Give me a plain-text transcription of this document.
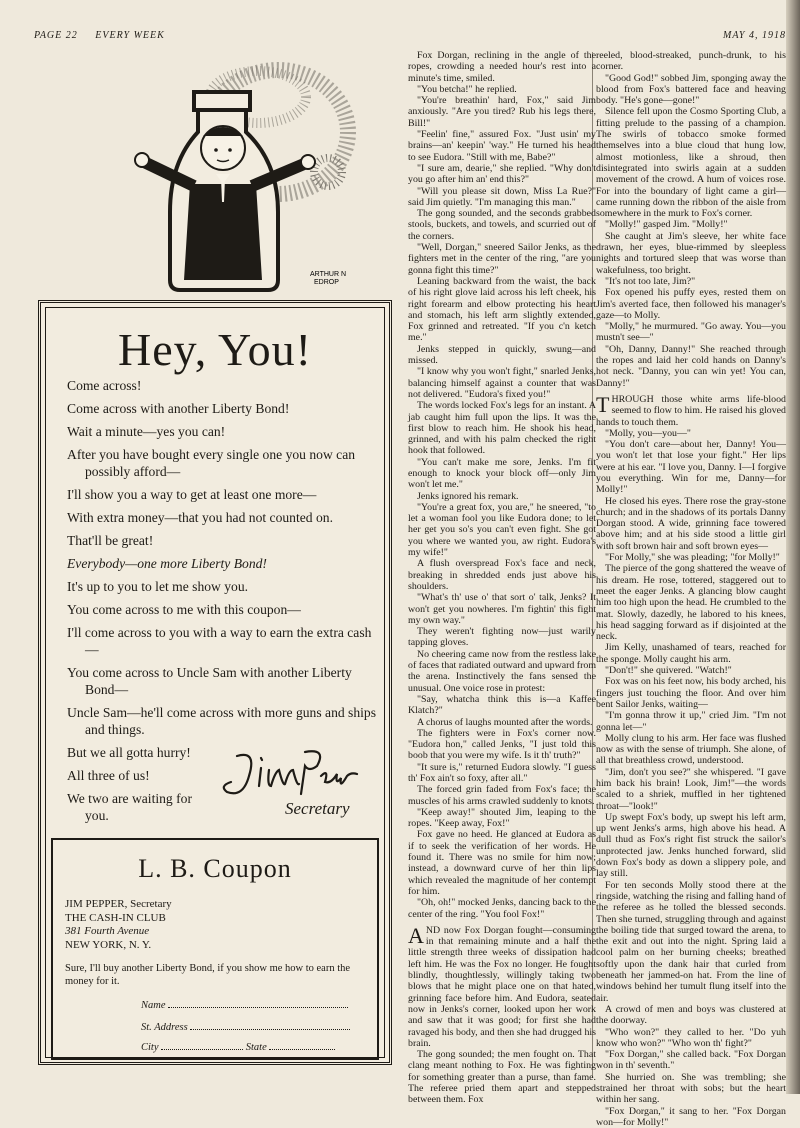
PAGE 22 EVERY WEEK	MAY 4, 1918
ARTHUR N
EDROP
Hey, You!
Come across!
Come across with another Liberty Bond!
Wait a minute—yes you can!
After you have bought every single one you now can possibly afford—
I'll show you a way to get at least one more—
With extra money—that you had not counted on.
That'll be great!
Everybody—one more Liberty Bond!
It's up to you to let me show you.
You come across to me with this coupon—
I'll come across to you with a way to earn the extra cash—
You come across to Uncle Sam with another Liberty Bond—
Uncle Sam—he'll come across with more guns and ships and things.
But we all gotta hurry!
All three of us!
We two are waiting for you.	Secretary
L. B. Coupon
JIM PEPPER, Secretary
THE CASH-IN CLUB
381 Fourth Avenue
NEW YORK, N. Y.
Sure, I'll buy another Liberty Bond, if you show me how to earn the money for it.
Name
St. Address
City	State

Fox Dorgan, reclining in the angle of the ropes, crowding a needed hour's rest into a minute's time, smiled.

"You betcha!" he replied.

"You're breathin' hard, Fox," said Jim anxiously. "Are you tired? Rub his legs there, Bill!"

"Feelin' fine," assured Fox. "Just usin' my brains—an' keepin' 'way." He turned his head to see Eudora. "Still with me, Babe?"

"I sure am, dearie," she replied. "Why don't you go after him an' end this?"

"Will you please sit down, Miss La Rue?" said Jim quietly. "I'm managing this man."

The gong sounded, and the seconds grabbed stools, buckets, and towels, and scurried out of the corners.

"Well, Dorgan," sneered Sailor Jenks, as the fighters met in the center of the ring, "are you gonna fight this time?"

Leaning backward from the waist, the back of his right glove laid across his left cheek, his right forearm and elbow protecting his heart and stomach, his left arm slightly extended, Fox grinned and retreated. "If you c'n ketch me."

Jenks stepped in quickly, swung—and missed.

"I know why you won't fight," snarled Jenks, balancing himself against a counter that was not delivered. "Eudora's fixed you!"

The words locked Fox's legs for an instant. A jab caught him full upon the lips. It was the first blow to reach him. He shook his head, grinned, and with his palm checked the right hook that followed.

"You can't make me sore, Jenks. I'm fit enough to knock your block off—only Jim won't let me."

Jenks ignored his remark.

"You're a great fox, you are," he sneered, "to let a woman fool you like Eudora done; to let her get you so's you can't even fight. She got you where we wanted you, aw right. Eudora's my wife!"

A flush overspread Fox's face and neck, breaking in shredded ends just above his shoulders.

"What's th' use o' that sort o' talk, Jenks? It won't get you nowheres. I'm fightin' this fight my own way."

They weren't fighting now—just warily tapping gloves.

No cheering came now from the restless lake of faces that radiated outward and upward from the arena. Instinctively the fans sensed the unusual. One voice rose in protest:

"Say, whatcha think this is—a Kaffee Klatch?"

A chorus of laughs mounted after the words.

The fighters were in Fox's corner now. "Eudora hon," called Jenks, "I just told this boob that you were my wife. Is it th' truth?"

"It sure is," returned Eudora slowly. "I guess th' Fox ain't so foxy, after all."

The forced grin faded from Fox's face; the muscles of his arms crawled suddenly to knots.

"Keep away!" shouted Jim, leaping to the ropes. "Keep away, Fox!"

Fox gave no heed. He glanced at Eudora as if to seek the verification of her words. He found it. There was no smile for him now; instead, a downward curve of her thin lips which revealed the magnitude of her contempt for him.

"Oh, oh!" mocked Jenks, dancing back to the center of the ring. "You fool Fox!"

A ND now Fox Dorgan fought—consuming in that remaining minute and a half the little strength three weeks of dissipation had left him. He was the Fox no longer. He fought blindly, thoughtlessly, willingly taking two blows that he might place one on that hated, grinning face before him. And Eudora, seated now in Jenks's corner, looked upon her work and saw that it was good; for first she had ravaged his body, and then she had drugged his brain.

The gong sounded; the men fought on. That clang meant nothing to Fox. He was fighting for something greater than a purse, than fame. The referee pried them apart and stepped between them. Fox

reeled, blood-streaked, punch-drunk, to his corner.

"Good God!" sobbed Jim, sponging away the blood from Fox's battered face and heaving body. "He's gone—gone!"

Silence fell upon the Cosmo Sporting Club, a fitting prelude to the passing of a champion. The swirls of tobacco smoke formed themselves into a blue cloud that hung low, almost motionless, like a shroud, then disintegrated into swirls again at a sudden movement of the crowd. A hum of voices rose. For into the boundary of light came a girl—came running down the ribbon of the aisle from somewhere in the murk to Fox's corner.

"Molly!" gasped Jim. "Molly!"

She caught at Jim's sleeve, her white face drawn, her eyes, blue-rimmed by sleepless nights and tortured sleep that was worse than wakefulness, too bright.

"It's not too late, Jim?"

Fox opened his puffy eyes, rested them on Jim's averted face, then followed his manager's gaze—to Molly.

"Molly," he murmured. "Go away. You—you mustn't see—"

"Oh, Danny, Danny!" She reached through the ropes and laid her cold hands on Danny's hot neck. "Danny, you can win yet! You can, Danny!"

T HROUGH those white arms life-blood seemed to flow to him. He raised his gloved hands to touch them.

"Molly, you—you—"

"You don't care—about her, Danny! You—you won't let that lose your fight." Her lips were at his ear. "I love you, Danny. I—I forgive you everything. Win for me, Danny—for Molly!"

He closed his eyes. There rose the gray-stone church; and in the shadows of its portals Danny Dorgan stood. A wide, grinning face towered above him; and at his side stood a little girl with soft brown hair and soft brown eyes—

"For Molly," she was pleading; "for Molly!"

The pierce of the gong shattered the weave of his dream. He rose, tottered, staggered out to meet the eager Jenks. A glancing blow caught him too high upon the head. He crumbled to the mat. Slowly, dazedly, he labored to his knees, his head sagging forward as if disjointed at the neck.

Jim Kelly, unashamed of tears, reached for the sponge. Molly caught his arm.

"Don't!" she quivered. "Watch!"

Fox was on his feet now, his body arched, his fingers just touching the floor. And over him bent Sailor Jenks, waiting—

"I'm gonna throw it up," cried Jim. "I'm not gonna let—"

Molly clung to his arm. Her face was flushed now as with the sense of triumph. She alone, of all that breathless crowd, understood.

"Jim, don't you see?" she whispered. "I gave him back his brain! Look, Jim!"—the words scaled to a shriek, muffled in her tightened throat—"look!"

Up swept Fox's body, up swept his left arm, up went Jenks's arms, high above his head. A dull thud as Fox's right fist struck the sailor's unprotected jaw. Jenks hunched forward, slid down Fox's body as down a slippery pole, and lay still.

For ten seconds Molly stood there at the ringside, watching the rising and falling hand of the referee as he tolled the blessed seconds. Then she turned, struggling through and against the boiling tide that surged toward the arena, to the exit and out into the night. Spring laid a cool palm on her burning cheeks; breathed softly upon the dank hair that curled from beneath her jammed-on hat. From the line of windows behind her tumult flung itself into the air.

A crowd of men and boys was clustered at the doorway.

"Who won?" they called to her. "Do yuh know who won?" "Who won th' fight?"

"Fox Dorgan," she called back. "Fox Dorgan won in th' seventh."

She hurried on. She was trembling; she strained her throat with sobs; but the heart within her sang.

"Fox Dorgan," it sang to her. "Fox Dorgan won—for Molly!"
